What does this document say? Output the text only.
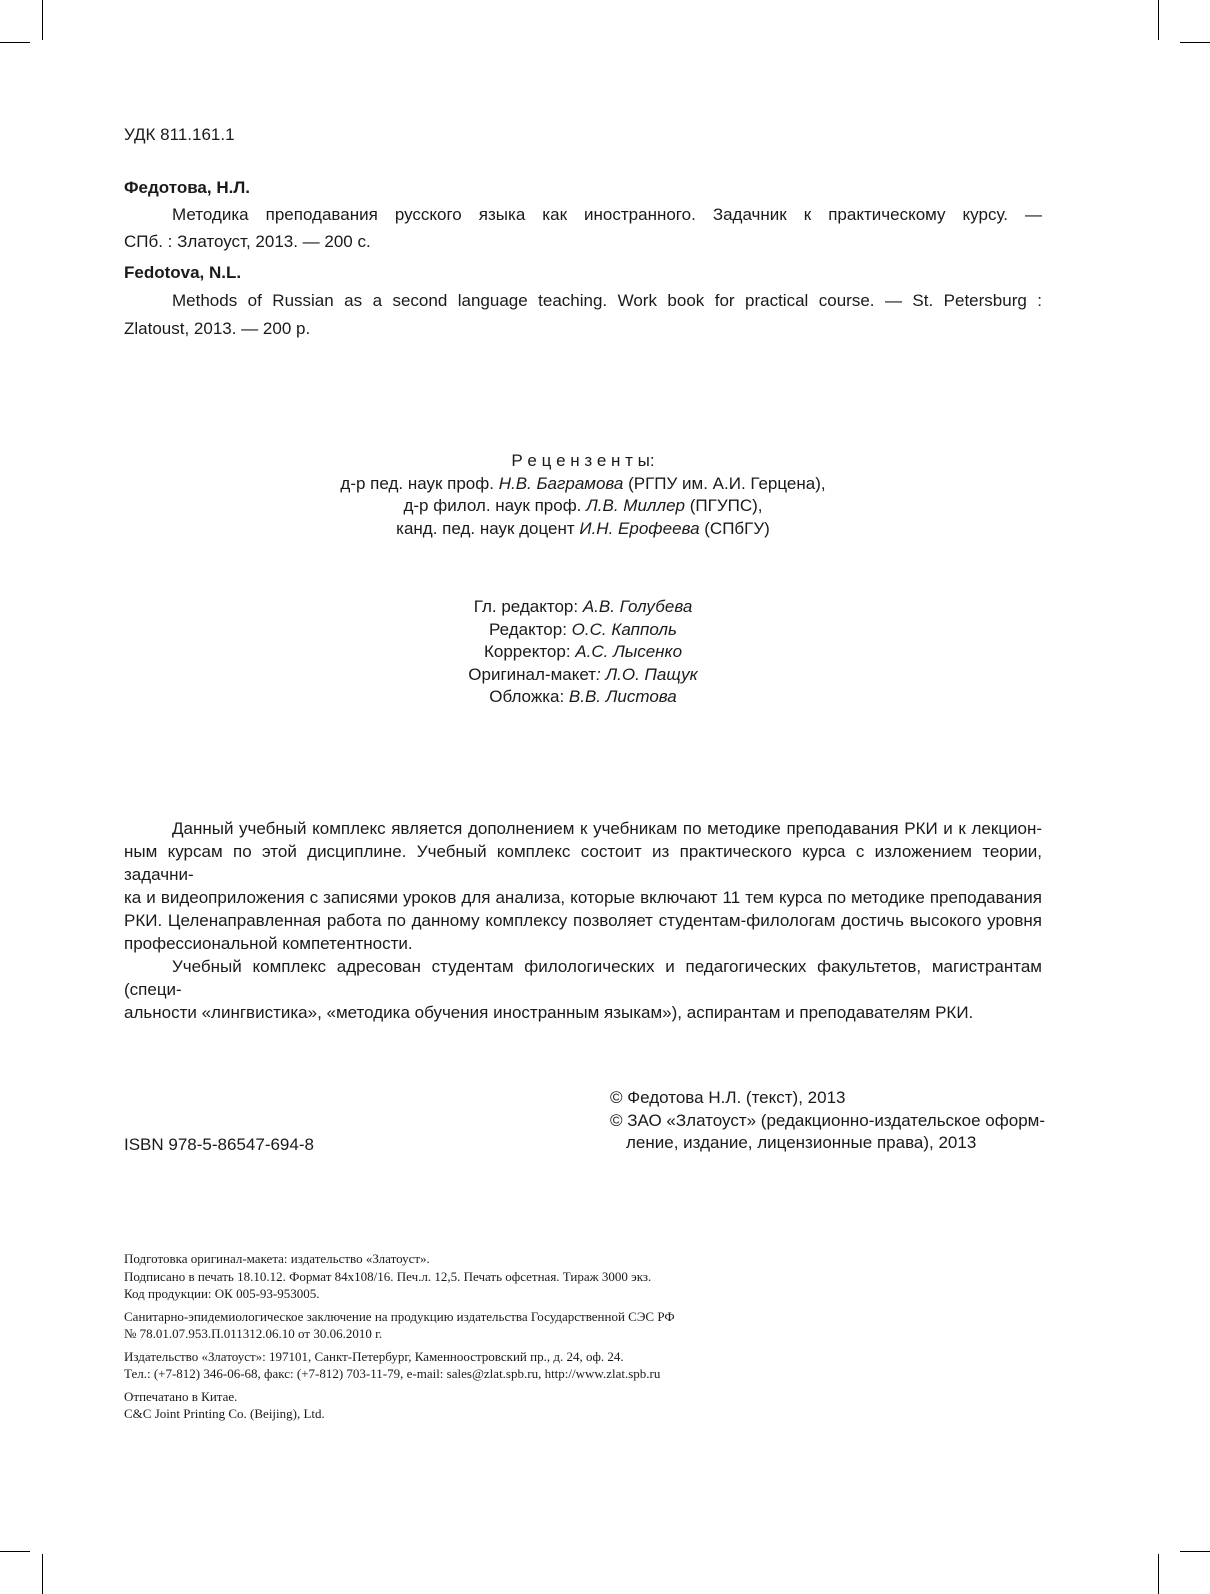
УДК 811.161.1
Федотова, Н.Л.
Методика преподавания русского языка как иностранного. Задачник к практическому курсу. —
СПб. : Златоуст, 2013. — 200 с.
Fedotova, N.L.
Methods of Russian as a second language teaching. Work book for practical course. — St. Petersburg :
Zlatoust, 2013. — 200 p.
Р е ц е н з е н т ы:
д-р пед. наук проф. Н.В. Баграмова (РГПУ им. А.И. Герцена),
д-р филол. наук проф. Л.В. Миллер (ПГУПС),
канд. пед. наук доцент И.Н. Ерофеева (СПбГУ)
Гл. редактор: А.В. Голубева
Редактор: О.С. Капполь
Корректор: А.С. Лысенко
Оригинал-макет: Л.О. Пащук
Обложка: В.В. Листова
Данный учебный комплекс является дополнением к учебникам по методике преподавания РКИ и к лекцион-
ным курсам по этой дисциплине. Учебный комплекс состоит из практического курса с изложением теории, задачни-
ка и видеоприложения с записями уроков для анализа, которые включают 11 тем курса по методике преподавания
РКИ. Целенаправленная работа по данному комплексу позволяет студентам-филологам достичь высокого уровня
профессиональной компетентности.
Учебный комплекс адресован студентам филологических и педагогических факультетов, магистрантам (специ-
альности «лингвистика», «методика обучения иностранным языкам»), аспирантам и преподавателям РКИ.
ISBN 978-5-86547-694-8
© Федотова Н.Л. (текст), 2013
© ЗАО «Златоуст» (редакционно-издательское оформ-
ление, издание, лицензионные права), 2013

Подготовка оригинал-макета: издательство «Златоуст».

Подписано в печать 18.10.12. Формат 84х108/16. Печ.л. 12,5. Печать офсетная. Тираж 3000 экз.

Код продукции: ОК 005-93-953005.

Санитарно-эпидемиологическое заключение на продукцию издательства Государственной СЭС РФ

№ 78.01.07.953.П.011312.06.10 от 30.06.2010 г.

Издательство «Златоуст»: 197101, Санкт-Петербург, Каменноостровский пр., д. 24, оф. 24.

Тел.: (+7-812) 346-06-68, факс: (+7-812) 703-11-79, e-mail: sales@zlat.spb.ru, http://www.zlat.spb.ru

Отпечатано в Китае.

C&C Joint Printing Co. (Beijing), Ltd.
